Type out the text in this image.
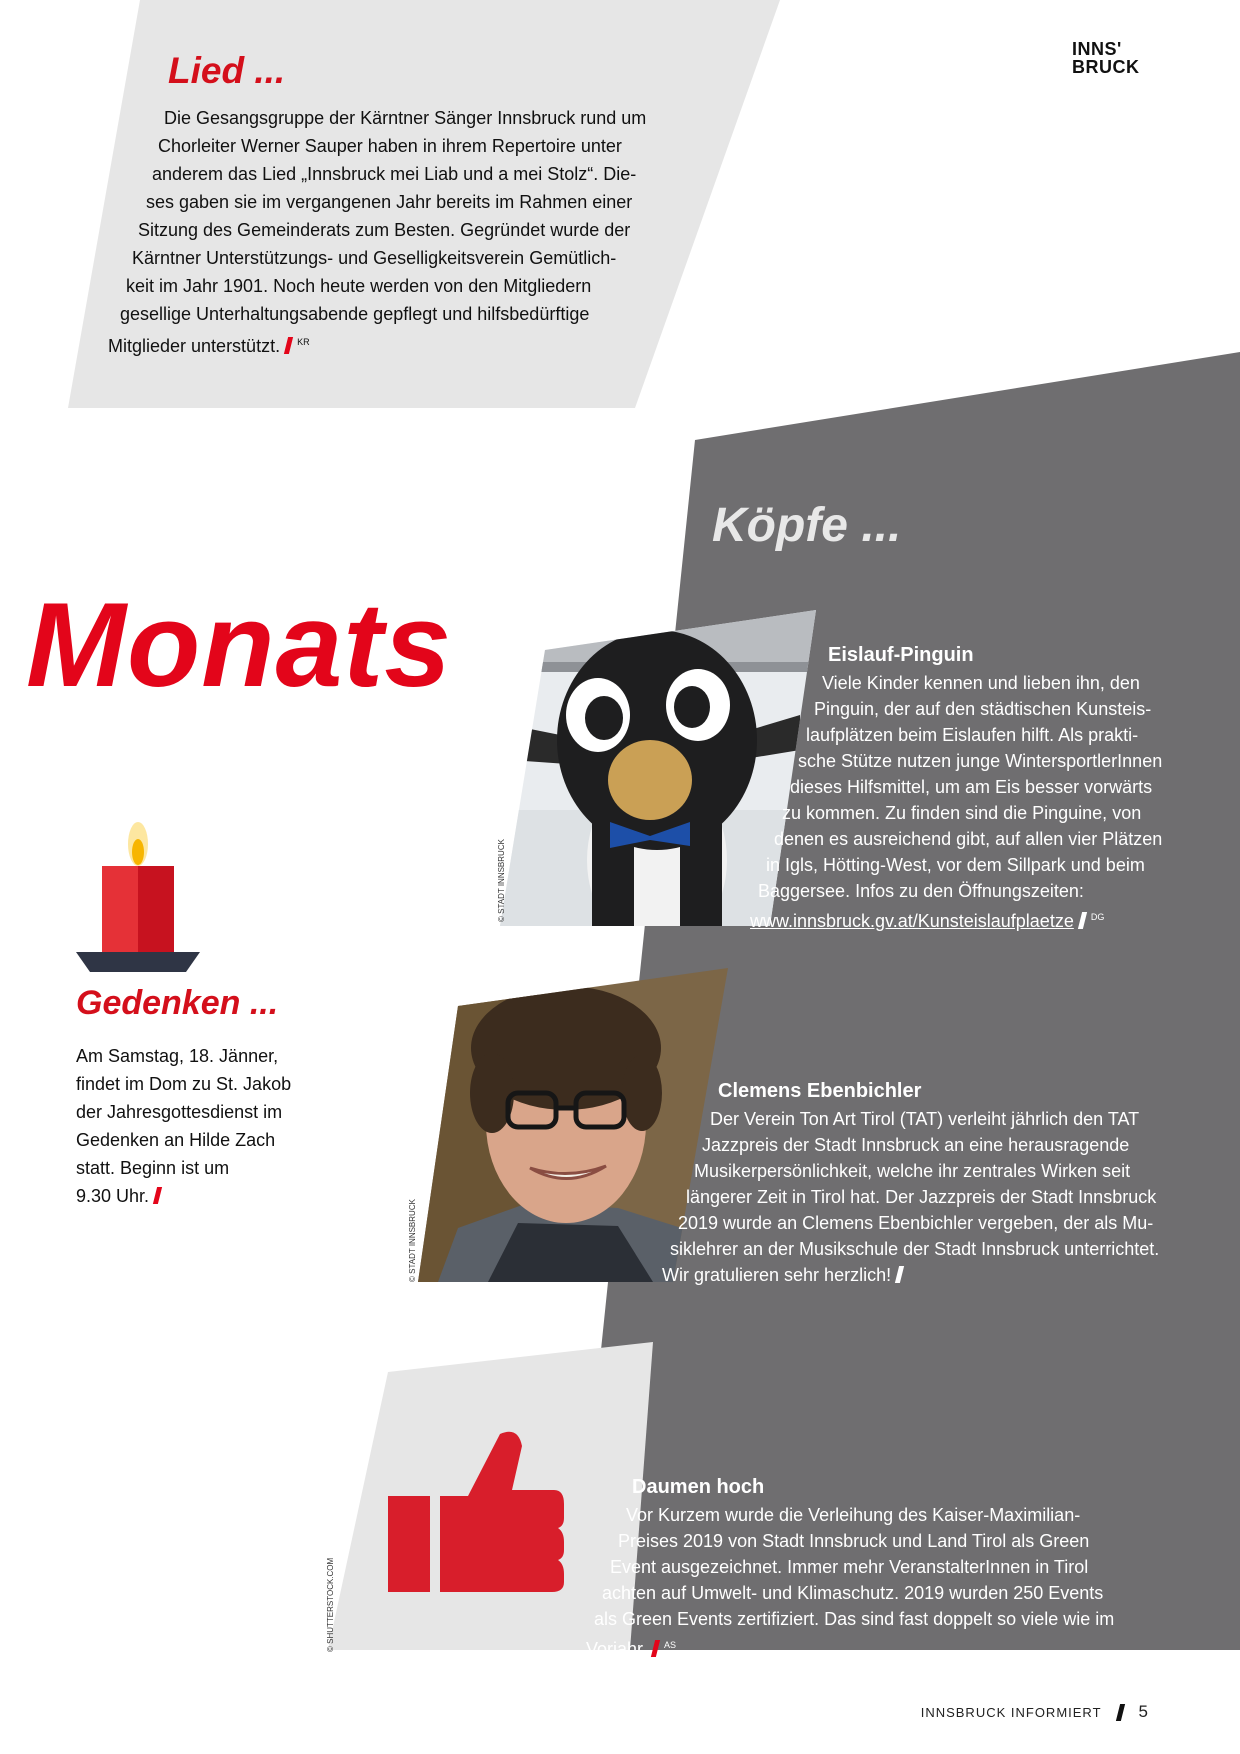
INNS'
BRUCK
Lied ...

Die Gesangsgruppe der Kärntner Sänger Innsbruck rund um
Chorleiter Werner Sauper haben in ihrem Repertoire unter
anderem das Lied „Innsbruck mei Liab und a mei Stolz“. Die-
ses gaben sie im vergangenen Jahr bereits im Rahmen einer
Sitzung des Gemeinderats zum Besten. Gegründet wurde der
Kärntner Unterstützungs- und Geselligkeitsverein Gemütlich-
keit im Jahr 1901. Noch heute werden von den Mitgliedern
gesellige Unterhaltungsabende gepflegt und hilfsbedürftige
Mitglieder unterstützt. $^{KR}$

Köpfe ...
Monats
Gedenken ...

Am Samstag, 18. Jänner,
findet im Dom zu St. Jakob
der Jahresgottesdienst im
Gedenken an Hilde Zach
statt. Beginn ist um
9.30 Uhr.

© STADT INNSBRUCK
Eislauf-Pinguin

Viele Kinder kennen und lieben ihn, den
Pinguin, der auf den städtischen Kunsteis-
laufplätzen beim Eislaufen hilft. Als prakti-
sche Stütze nutzen junge WintersportlerInnen
dieses Hilfsmittel, um am Eis besser vorwärts
zu kommen. Zu finden sind die Pinguine, von
denen es ausreichend gibt, auf allen vier Plätzen
in Igls, Hötting-West, vor dem Sillpark und beim
Baggersee. Infos zu den Öffnungszeiten:
www.innsbruck.gv.at/Kunsteislaufplaetze $^{DG}$

© STADT INNSBRUCK
Clemens Ebenbichler

Der Verein Ton Art Tirol (TAT) verleiht jährlich den TAT
Jazzpreis der Stadt Innsbruck an eine herausragende
Musikerpersönlichkeit, welche ihr zentrales Wirken seit
längerer Zeit in Tirol hat. Der Jazzpreis der Stadt Innsbruck
2019 wurde an Clemens Ebenbichler vergeben, der als Mu-
siklehrer an der Musikschule der Stadt Innsbruck unterrichtet.
Wir gratulieren sehr herzlich!

© SHUTTERSTOCK.COM
Daumen hoch

Vor Kurzem wurde die Verleihung des Kaiser-Maximilian-
Preises 2019 von Stadt Innsbruck und Land Tirol als Green
Event ausgezeichnet. Immer mehr VeranstalterInnen in Tirol
achten auf Umwelt- und Klimaschutz. 2019 wurden 250 Events
als Green Events zertifiziert. Das sind fast doppelt so viele wie im
Vorjahr. $^{AS}$

INNSBRUCK INFORMIERT 5
